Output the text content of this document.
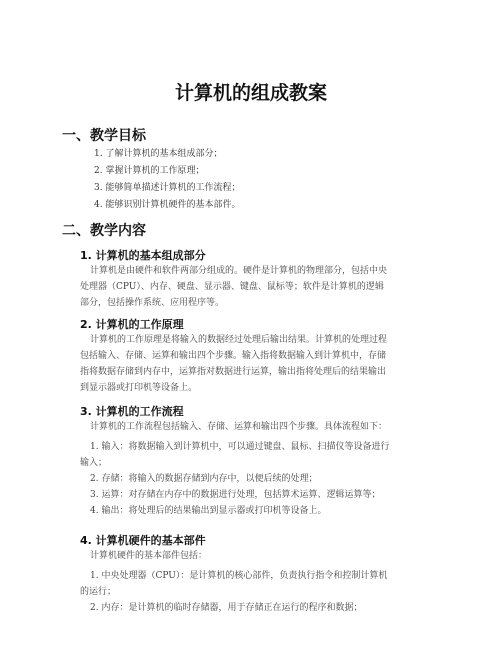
计算机的组成教案
一、教学目标
1. 了解计算机的基本组成部分；
2. 掌握计算机的工作原理；
3. 能够简单描述计算机的工作流程；
4. 能够识别计算机硬件的基本部件。
二、教学内容
1. 计算机的基本组成部分
计算机是由硬件和软件两部分组成的。硬件是计算机的物理部分，包括中央
处理器（CPU）、内存、硬盘、显示器、键盘、鼠标等；软件是计算机的逻辑
部分，包括操作系统、应用程序等。
2. 计算机的工作原理
计算机的工作原理是将输入的数据经过处理后输出结果。计算机的处理过程
包括输入、存储、运算和输出四个步骤。输入指将数据输入到计算机中，存储
指将数据存储到内存中，运算指对数据进行运算，输出指将处理后的结果输出
到显示器或打印机等设备上。
3. 计算机的工作流程
计算机的工作流程包括输入、存储、运算和输出四个步骤。具体流程如下：
1. 输入：将数据输入到计算机中，可以通过键盘、鼠标、扫描仪等设备进行
输入；
2. 存储：将输入的数据存储到内存中，以便后续的处理；
3. 运算：对存储在内存中的数据进行处理，包括算术运算、逻辑运算等；
4. 输出：将处理后的结果输出到显示器或打印机等设备上。
4. 计算机硬件的基本部件
计算机硬件的基本部件包括：
1. 中央处理器（CPU）：是计算机的核心部件，负责执行指令和控制计算机
的运行；
2. 内存：是计算机的临时存储器，用于存储正在运行的程序和数据；
